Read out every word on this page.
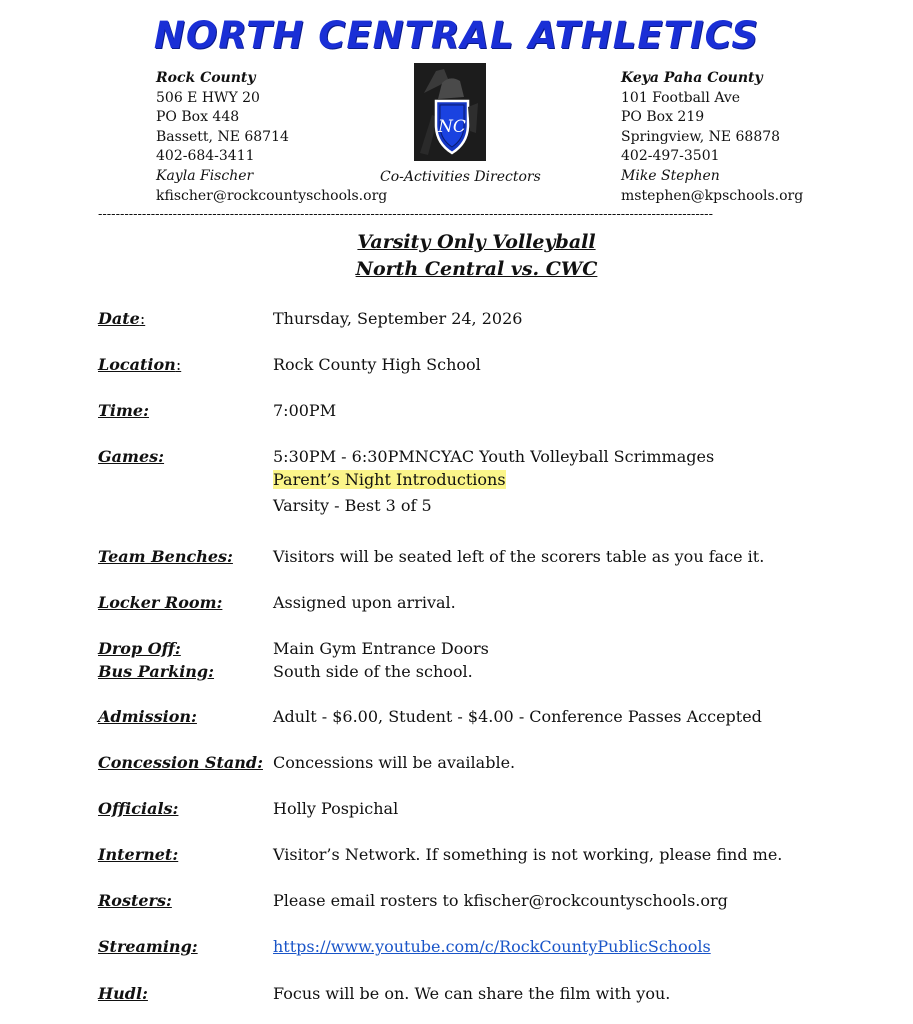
NORTH CENTRAL ATHLETICS
Rock County
506 E HWY 20
PO Box 448
Bassett, NE 68714
402-684-3411
Kayla Fischer
kfischer@rockcountyschools.org
NC
Keya Paha County
101 Football Ave
PO Box 219
Springview, NE 68878
402-497-3501
Mike Stephen
mstephen@kpschools.org
Co-Activities Directors
--------------------------------------------------------------------------------------------------------------------------------------------
Varsity Only Volleyball
North Central vs. CWC
Date:	Thursday, September 24, 2026
Location:	Rock County High School
Time:	7:00PM
Games:	5:30PM - 6:30PMNCYAC Youth Volleyball Scrimmages
Parent’s Night Introductions
Varsity - Best 3 of 5
Team Benches:	Visitors will be seated left of the scorers table as you face it.
Locker Room:	Assigned upon arrival.
Drop Off:	Main Gym Entrance Doors
Bus Parking:	South side of the school.
Admission:	Adult - $6.00, Student - $4.00 - Conference Passes Accepted
Concession Stand: Concessions will be available.
Officials:	Holly Pospichal
Internet:	Visitor’s Network. If something is not working, please find me.
Rosters:	Please email rosters to kfischer@rockcountyschools.org
Streaming:	https://www.youtube.com/c/RockCountyPublicSchools
Hudl:	Focus will be on. We can share the film with you.
